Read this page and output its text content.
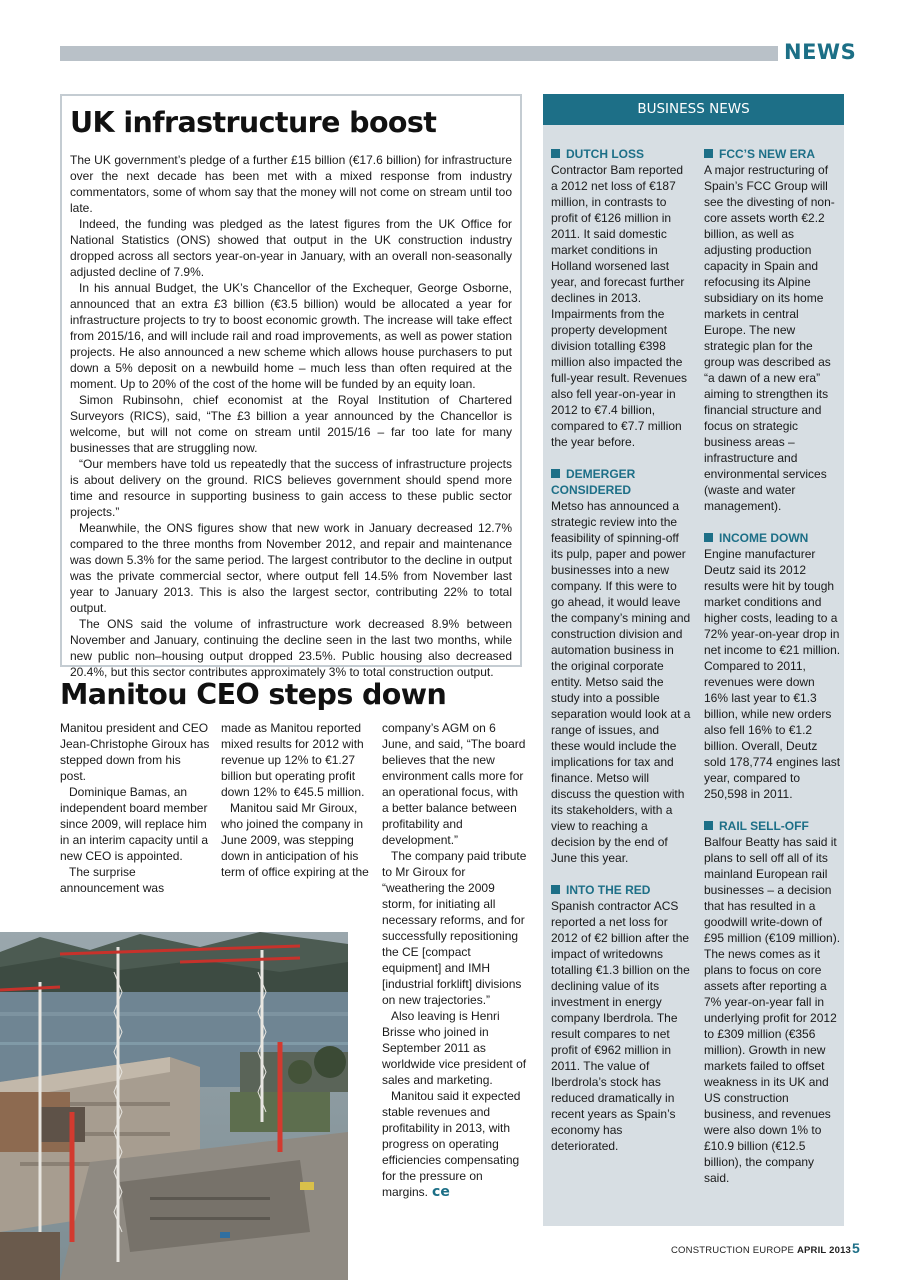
NEWS
UK infrastructure boost

The UK government’s pledge of a further £15 billion (€17.6 billion) for infrastructure over the next decade has been met with a mixed response from industry commentators, some of whom say that the money will not come on stream until too late.

Indeed, the funding was pledged as the latest figures from the UK Office for National Statistics (ONS) showed that output in the UK construction industry dropped across all sectors year-on-year in January, with an overall non-seasonally adjusted decline of 7.9%.

In his annual Budget, the UK’s Chancellor of the Exchequer, George Osborne, announced that an extra £3 billion (€3.5 billion) would be allocated a year for infrastructure projects to try to boost economic growth. The increase will take effect from 2015/16, and will include rail and road improvements, as well as power station projects. He also announced a new scheme which allows house purchasers to put down a 5% deposit on a newbuild home – much less than often required at the moment. Up to 20% of the cost of the home will be funded by an equity loan.

Simon Rubinsohn, chief economist at the Royal Institution of Chartered Surveyors (RICS), said, “The £3 billion a year announced by the Chancellor is welcome, but will not come on stream until 2015/16 – far too late for many businesses that are struggling now.

“Our members have told us repeatedly that the success of infrastructure projects is about delivery on the ground. RICS believes government should spend more time and resource in supporting business to gain access to these public sector projects.”

Meanwhile, the ONS figures show that new work in January decreased 12.7% compared to the three months from November 2012, and repair and maintenance was down 5.3% for the same period. The largest contributor to the decline in output was the private commercial sector, where output fell 14.5% from November last year to January 2013. This is also the largest sector, contributing 22% to total output.

The ONS said the volume of infrastructure work decreased 8.9% between November and January, continuing the decline seen in the last two months, while new public non–housing output dropped 23.5%. Public housing also decreased 20.4%, but this sector contributes approximately 3% to total construction output.

Manitou CEO steps down

Manitou president and CEO Jean-Christophe Giroux has stepped down from his post.

Dominique Bamas, an independent board member since 2009, will replace him in an interim capacity until a new CEO is appointed.

The surprise announcement was

made as Manitou reported mixed results for 2012 with revenue up 12% to €1.27 billion but operating profit down 12% to €45.5 million.

Manitou said Mr Giroux, who joined the company in June 2009, was stepping down in anticipation of his term of office expiring at the

company’s AGM on 6 June, and said, “The board believes that the new environment calls more for an operational focus, with a better balance between profitability and development.”

The company paid tribute to Mr Giroux for “weathering the 2009 storm, for initiating all necessary reforms, and for successfully repositioning the CE [compact equipment] and IMH [industrial forklift] divisions on new trajectories.”

Also leaving is Henri Brisse who joined in September 2011 as worldwide vice president of sales and marketing.

Manitou said it expected stable revenues and profitability in 2013, with progress on operating efficiencies compensating for the pressure on margins. ce

BUSINESS NEWS
DUTCH LOSS

Contractor Bam reported a 2012 net loss of €187 million, in contrasts to profit of €126 million in 2011. It said domestic market conditions in Holland worsened last year, and forecast further declines in 2013. Impairments from the property development division totalling €398 million also impacted the full-year result. Revenues also fell year-on-year in 2012 to €7.4 billion, compared to €7.7 million the year before.

DEMERGER CONSIDERED

Metso has announced a strategic review into the feasibility of spinning-off its pulp, paper and power businesses into a new company. If this were to go ahead, it would leave the company’s mining and construction division and automation business in the original corporate entity. Metso said the study into a possible separation would look at a range of issues, and these would include the implications for tax and finance. Metso will discuss the question with its stakeholders, with a view to reaching a decision by the end of June this year.

INTO THE RED

Spanish contractor ACS reported a net loss for 2012 of €2 billion after the impact of writedowns totalling €1.3 billion on the declining value of its investment in energy company Iberdrola. The result compares to net profit of €962 million in 2011. The value of Iberdrola’s stock has reduced dramatically in recent years as Spain’s economy has deteriorated.

FCC’S NEW ERA

A major restructuring of Spain’s FCC Group will see the divesting of non-core assets worth €2.2 billion, as well as adjusting production capacity in Spain and refocusing its Alpine subsidiary on its home markets in central Europe. The new strategic plan for the group was described as “a dawn of a new era” aiming to strengthen its financial structure and focus on strategic business areas – infrastructure and environmental services (waste and water management).

INCOME DOWN

Engine manufacturer Deutz said its 2012 results were hit by tough market conditions and higher costs, leading to a 72% year-on-year drop in net income to €21 million. Compared to 2011, revenues were down 16% last year to €1.3 billion, while new orders also fell 16% to €1.2 billion. Overall, Deutz sold 178,774 engines last year, compared to 250,598 in 2011.

RAIL SELL-OFF

Balfour Beatty has said it plans to sell off all of its mainland European rail businesses – a decision that has resulted in a goodwill write-down of £95 million (€109 million). The news comes as it plans to focus on core assets after reporting a 7% year-on-year fall in underlying profit for 2012 to £309 million (€356 million). Growth in new markets failed to offset weakness in its UK and US construction business, and revenues were also down 1% to £10.9 billion (€12.5 billion), the company said.

CONSTRUCTION EUROPE APRIL 2013 5
